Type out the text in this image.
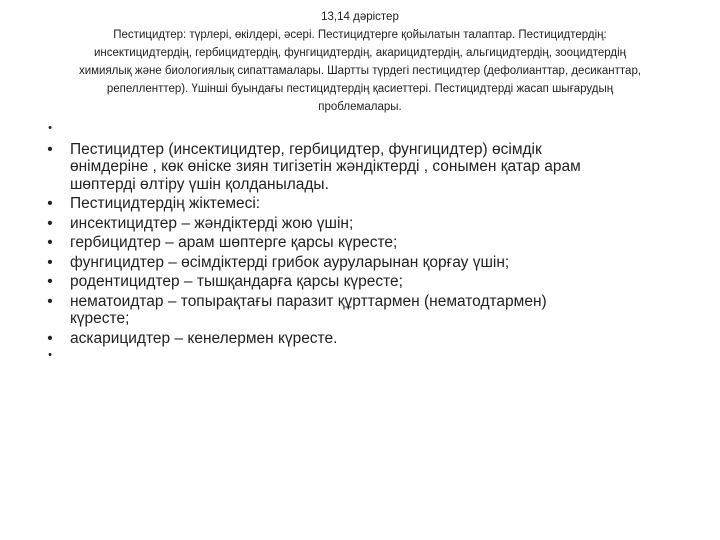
13,14 дәрістер
Пестицидтер: түрлері, өкілдері, әсері. Пестицидтерге қойылатын талаптар. Пестицидтердің:
инсектицидтердің, гербицидтердің, фунгицидтердің, акарицидтердің, альгицидтердің, зооцидтердің
химиялық және биологиялық сипаттамалары. Шартты түрдегі пестицидтер (дефолианттар, десиканттар,
репелленттер). Үшінші буындағы пестицидтердің қасиеттері. Пестицидтерді жасап шығарудың
проблемалары.
•

• Пестицидтер (инсектицидтер, гербицидтер, фунгицидтер) өсімдік
өнімдеріне , көк өніске зиян тигізетін жәндіктерді , сонымен қатар арам
шөптерді өлтіру үшін қолданылады.
• Пестицидтердің жіктемесі:
• инсектицидтер – жәндіктерді жою үшін;
• гербицидтер – арам шөптерге қарсы күресте;
• фунгицидтер – өсімдіктерді грибок ауруларынан қорғау үшін;
• родентицидтер – тышқандарға қарсы күресте;
• нематоидтар – топырақтағы паразит құрттармен (нематодтармен)
күресте;
• аскарицидтер – кенелермен күресте.
•
